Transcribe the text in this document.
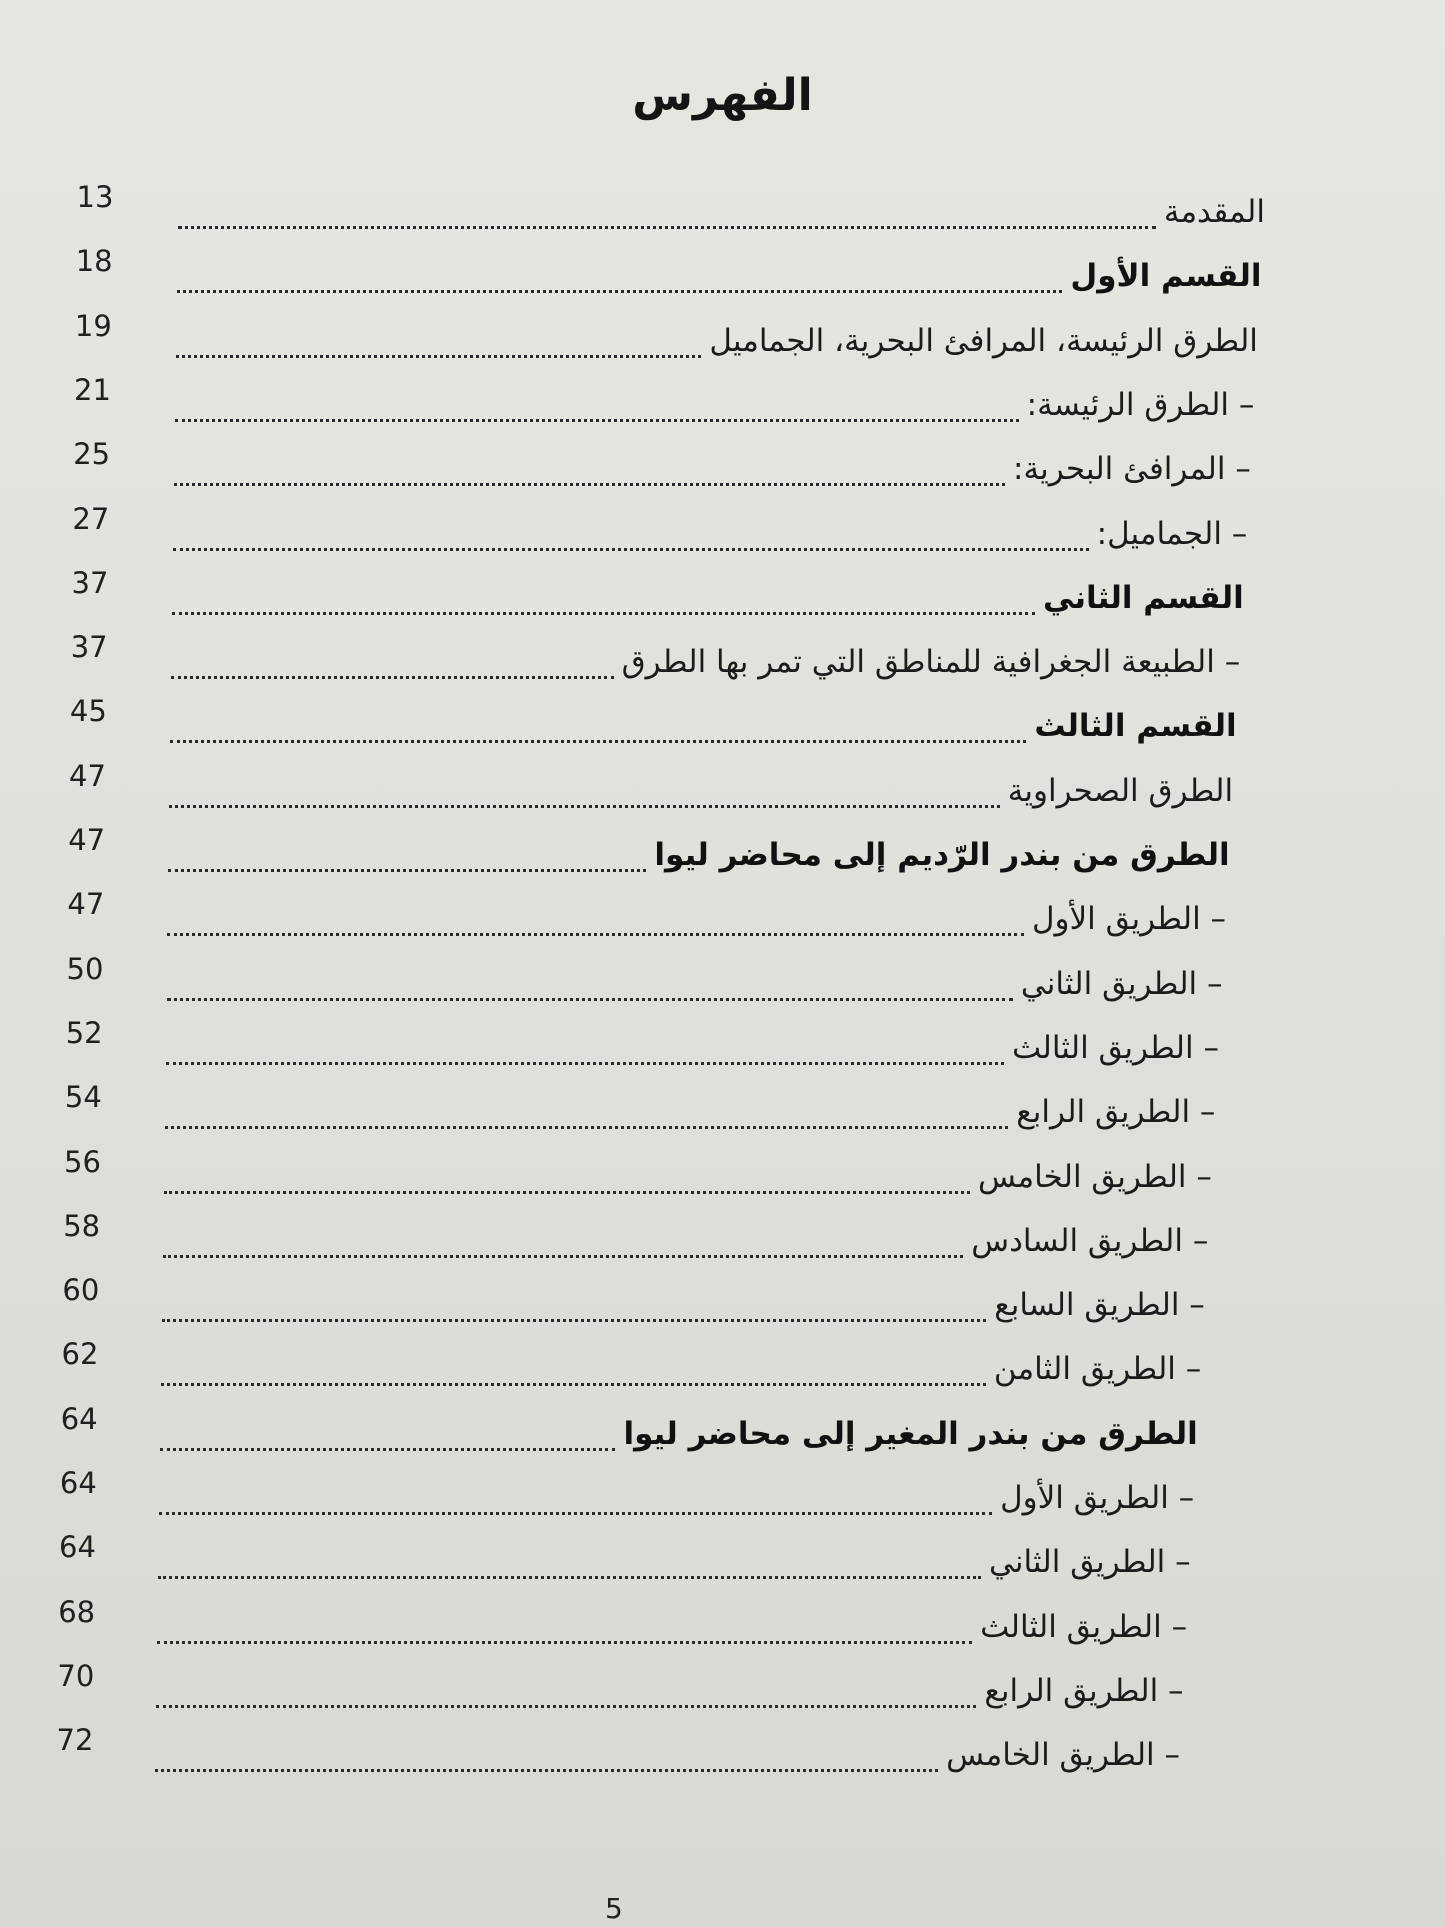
الفهرس
13	المقدمة
18	القسم الأول
19	الطرق الرئيسة، المرافئ البحرية، الجماميل
21	– الطرق الرئيسة:
25	– المرافئ البحرية:
27	– الجماميل:
37	القسم الثاني
37	– الطبيعة الجغرافية للمناطق التي تمر بها الطرق
45	القسم الثالث
47	الطرق الصحراوية
47	الطرق من بندر الرّديم إلى محاضر ليوا
47	– الطريق الأول
50	– الطريق الثاني
52	– الطريق الثالث
54	– الطريق الرابع
56	– الطريق الخامس
58	– الطريق السادس
60	– الطريق السابع
62	– الطريق الثامن
64	الطرق من بندر المغير إلى محاضر ليوا
64	– الطريق الأول
64	– الطريق الثاني
68	– الطريق الثالث
70	– الطريق الرابع
72	– الطريق الخامس
5
